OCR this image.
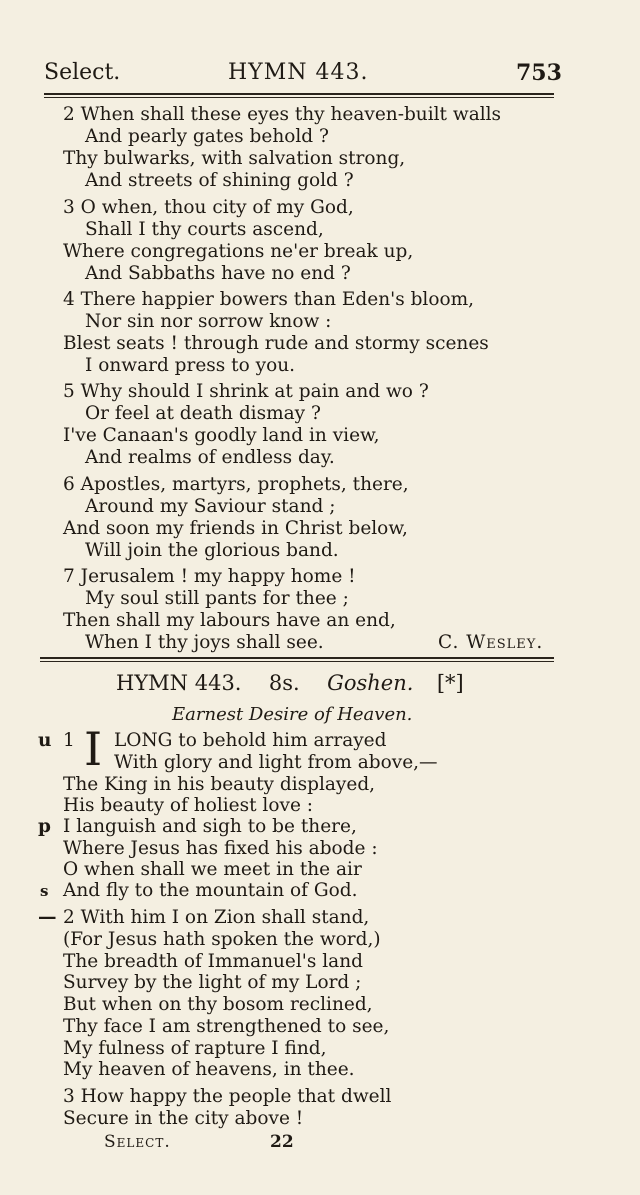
Select.	HYMN 443.	753
2 When shall these eyes thy heaven-built walls
And pearly gates behold ?
Thy bulwarks, with salvation strong,
And streets of shining gold ?
3 O when, thou city of my God,
Shall I thy courts ascend,
Where congregations ne'er break up,
And Sabbaths have no end ?
4 There happier bowers than Eden's bloom,
Nor sin nor sorrow know :
Blest seats ! through rude and stormy scenes
I onward press to you.
5 Why should I shrink at pain and wo ?
Or feel at death dismay ?
I've Canaan's goodly land in view,
And realms of endless day.
6 Apostles, martyrs, prophets, there,
Around my Saviour stand ;
And soon my friends in Christ below,
Will join the glorious band.
7 Jerusalem ! my happy home !
My soul still pants for thee ;
Then shall my labours have an end,
When I thy joys shall see.	C. Wesley.
HYMN 443. 8s. Goshen. [*]
Earnest Desire of Heaven.
u
p
s
—
1 I LONG to behold him arrayed
With glory and light from above,—
The King in his beauty displayed,
His beauty of holiest love :
I languish and sigh to be there,
Where Jesus has fixed his abode :
O when shall we meet in the air
And fly to the mountain of God.
2 With him I on Zion shall stand,
(For Jesus hath spoken the word,)
The breadth of Immanuel's land
Survey by the light of my Lord ;
But when on thy bosom reclined,
Thy face I am strengthened to see,
My fulness of rapture I find,
My heaven of heavens, in thee.
3 How happy the people that dwell
Secure in the city above !
Select.	22
